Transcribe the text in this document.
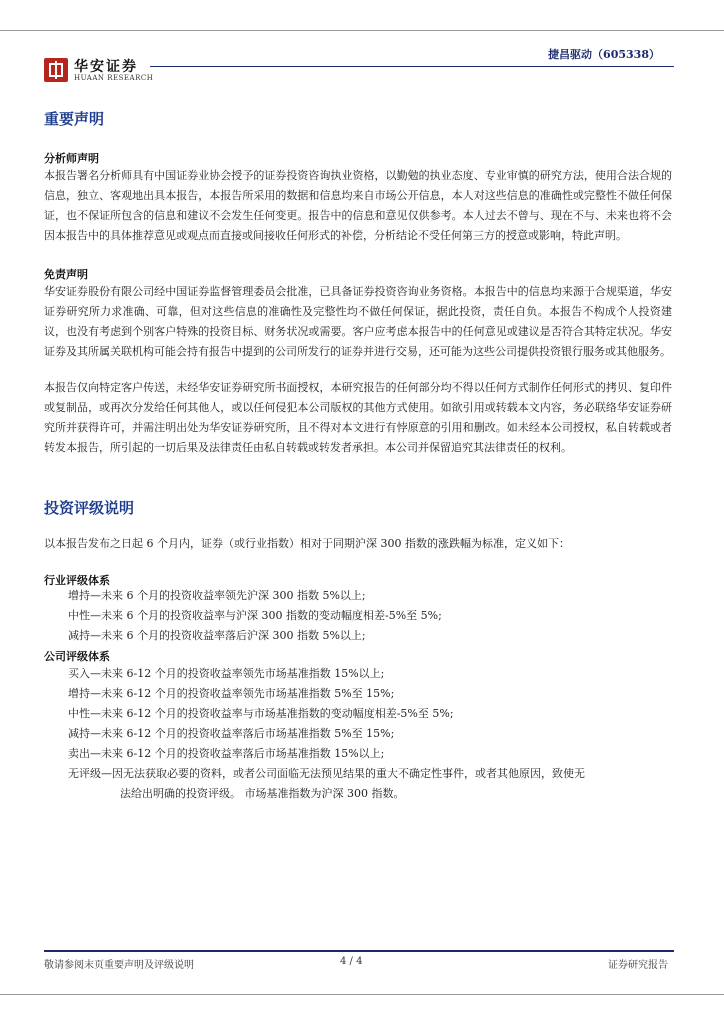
华安证券
HUAAN RESEARCH
捷昌驱动（605338）
重要声明

分析师声明

本报告署名分析师具有中国证券业协会授予的证券投资咨询执业资格，以勤勉的执业态度、专业审慎的研究方法，使用合法合规的信息，独立、客观地出具本报告，本报告所采用的数据和信息均来自市场公开信息，本人对这些信息的准确性或完整性不做任何保证，也不保证所包含的信息和建议不会发生任何变更。报告中的信息和意见仅供参考。本人过去不曾与、现在不与、未来也将不会因本报告中的具体推荐意见或观点而直接或间接收任何形式的补偿，分析结论不受任何第三方的授意或影响，特此声明。

免责声明

华安证券股份有限公司经中国证券监督管理委员会批准，已具备证券投资咨询业务资格。本报告中的信息均来源于合规渠道，华安证券研究所力求准确、可靠，但对这些信息的准确性及完整性均不做任何保证，据此投资，责任自负。本报告不构成个人投资建议，也没有考虑到个别客户特殊的投资目标、财务状况或需要。客户应考虑本报告中的任何意见或建议是否符合其特定状况。华安证券及其所属关联机构可能会持有报告中提到的公司所发行的证券并进行交易，还可能为这些公司提供投资银行服务或其他服务。

本报告仅向特定客户传送，未经华安证券研究所书面授权，本研究报告的任何部分均不得以任何方式制作任何形式的拷贝、复印件或复制品，或再次分发给任何其他人，或以任何侵犯本公司版权的其他方式使用。如欲引用或转载本文内容，务必联络华安证券研究所并获得许可，并需注明出处为华安证券研究所，且不得对本文进行有悖原意的引用和删改。如未经本公司授权，私自转载或者转发本报告，所引起的一切后果及法律责任由私自转载或转发者承担。本公司并保留追究其法律责任的权利。

投资评级说明

以本报告发布之日起 6 个月内，证券（或行业指数）相对于同期沪深 300 指数的涨跌幅为标准，定义如下：

行业评级体系

增持—未来 6 个月的投资收益率领先沪深 300 指数 5%以上;

中性—未来 6 个月的投资收益率与沪深 300 指数的变动幅度相差-5%至 5%;

减持—未来 6 个月的投资收益率落后沪深 300 指数 5%以上;

公司评级体系

买入—未来 6-12 个月的投资收益率领先市场基准指数 15%以上;

增持—未来 6-12 个月的投资收益率领先市场基准指数 5%至 15%;

中性—未来 6-12 个月的投资收益率与市场基准指数的变动幅度相差-5%至 5%;

减持—未来 6-12 个月的投资收益率落后市场基准指数 5%至 15%;

卖出—未来 6-12 个月的投资收益率落后市场基准指数 15%以上;

无评级—因无法获取必要的资料，或者公司面临无法预见结果的重大不确定性事件，或者其他原因，致使无

法给出明确的投资评级。 市场基准指数为沪深 300 指数。

敬请参阅末页重要声明及评级说明	4 / 4	证券研究报告
